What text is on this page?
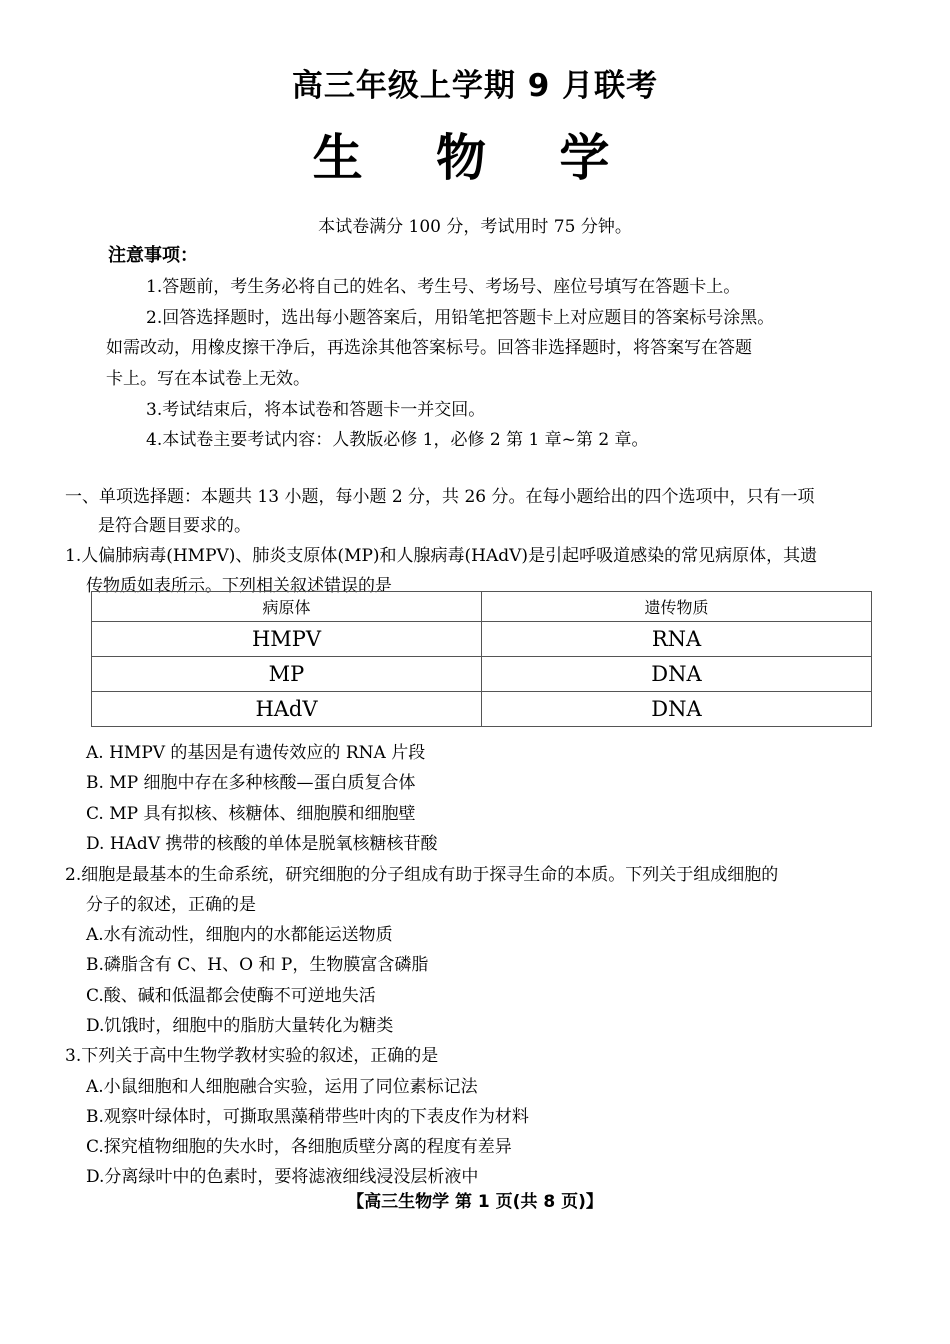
高三年级上学期 9 月联考
生 物 学
本试卷满分 100 分，考试用时 75 分钟。
注意事项：
1.答题前，考生务必将自己的姓名、考生号、考场号、座位号填写在答题卡上。
2.回答选择题时，选出每小题答案后，用铅笔把答题卡上对应题目的答案标号涂黑。
如需改动，用橡皮擦干净后，再选涂其他答案标号。回答非选择题时，将答案写在答题
卡上。写在本试卷上无效。
3.考试结束后，将本试卷和答题卡一并交回。
4.本试卷主要考试内容：人教版必修 1，必修 2 第 1 章~第 2 章。
一、单项选择题：本题共 13 小题，每小题 2 分，共 26 分。在每小题给出的四个选项中，只有一项
是符合题目要求的。
1.人偏肺病毒(HMPV)、肺炎支原体(MP)和人腺病毒(HAdV)是引起呼吸道感染的常见病原体，其遗
传物质如表所示。下列相关叙述错误的是
病原体	遗传物质
HMPV	RNA
MP	DNA
HAdV	DNA
A. HMPV 的基因是有遗传效应的 RNA 片段
B. MP 细胞中存在多种核酸—蛋白质复合体
C. MP 具有拟核、核糖体、细胞膜和细胞壁
D. HAdV 携带的核酸的单体是脱氧核糖核苷酸
2.细胞是最基本的生命系统，研究细胞的分子组成有助于探寻生命的本质。下列关于组成细胞的
分子的叙述，正确的是
A.水有流动性，细胞内的水都能运送物质
B.磷脂含有 C、H、O 和 P，生物膜富含磷脂
C.酸、碱和低温都会使酶不可逆地失活
D.饥饿时，细胞中的脂肪大量转化为糖类
3.下列关于高中生物学教材实验的叙述，正确的是
A.小鼠细胞和人细胞融合实验，运用了同位素标记法
B.观察叶绿体时，可撕取黑藻稍带些叶肉的下表皮作为材料
C.探究植物细胞的失水时，各细胞质壁分离的程度有差异
D.分离绿叶中的色素时，要将滤液细线浸没层析液中
【高三生物学 第 1 页(共 8 页)】
